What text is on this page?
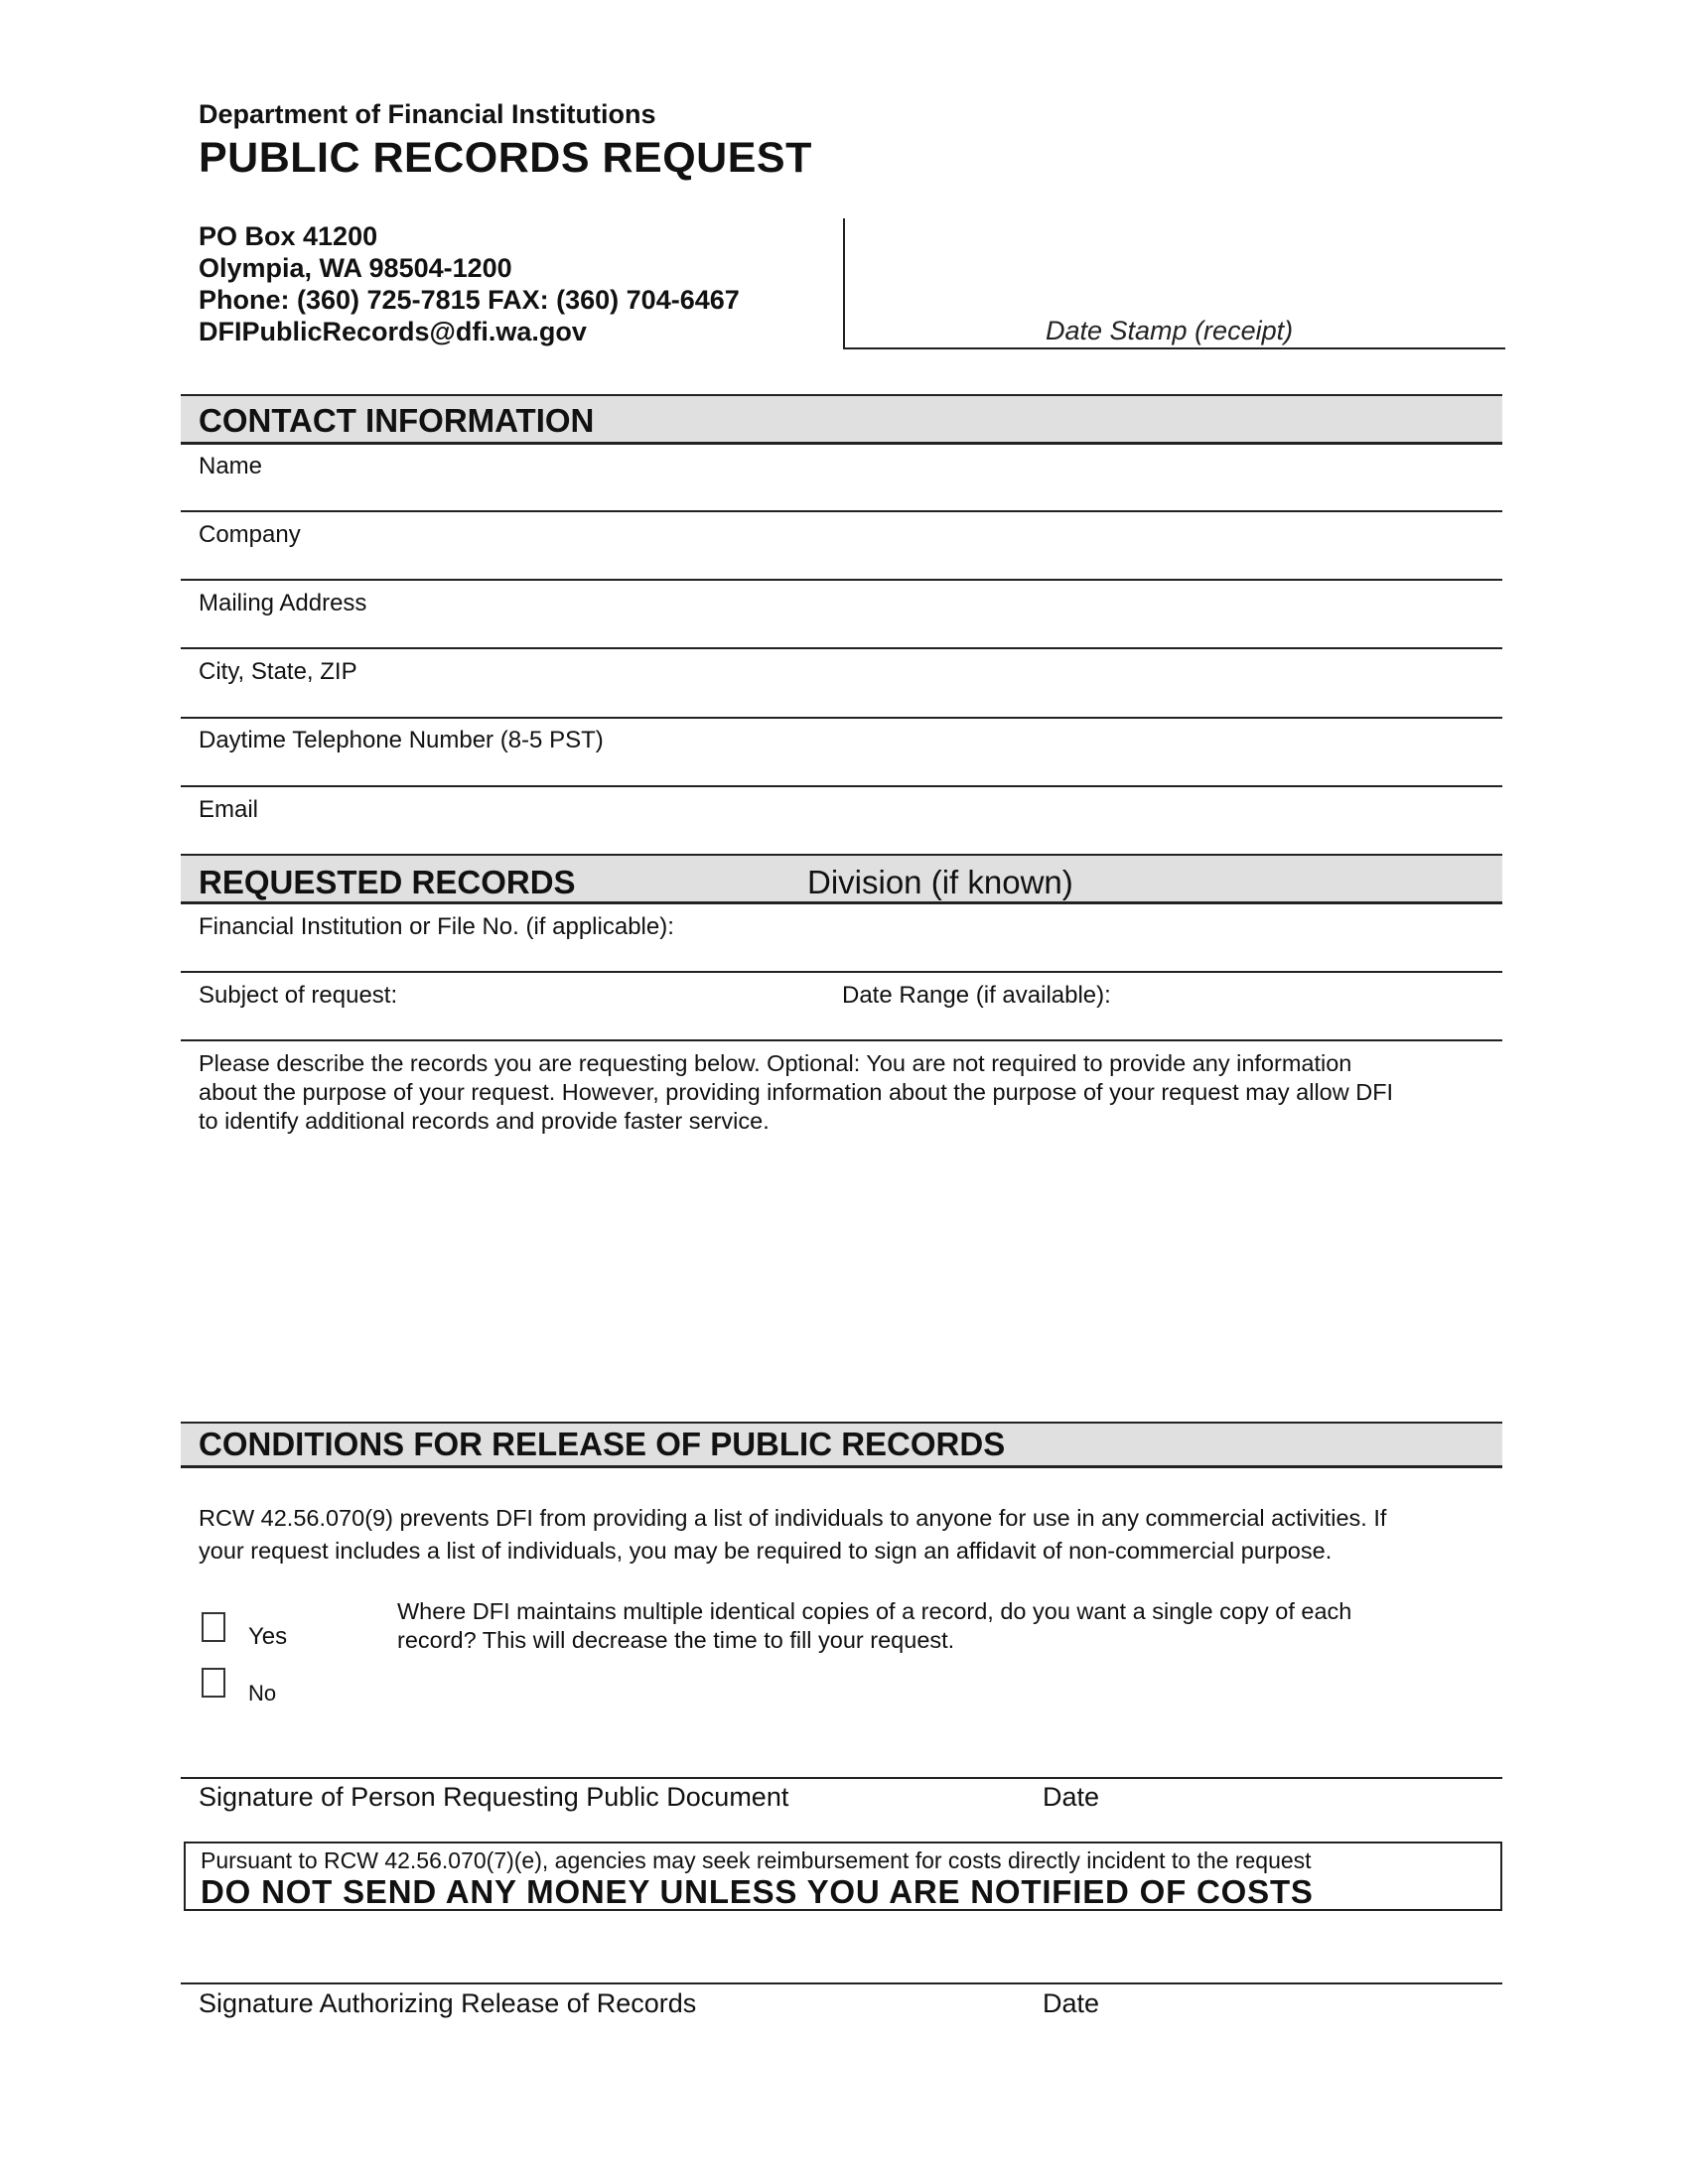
Department of Financial Institutions
PUBLIC RECORDS REQUEST
PO Box 41200
Olympia, WA 98504-1200
Phone: (360) 725-7815 FAX: (360) 704-6467
DFIPublicRecords@dfi.wa.gov	Date Stamp (receipt)
CONTACT INFORMATION
Name
Company
Mailing Address
City, State, ZIP
Daytime Telephone Number (8-5 PST)
Email
REQUESTED RECORDS	Division (if known)
Financial Institution or File No. (if applicable):
Subject of request:	Date Range (if available):
Please describe the records you are requesting below. Optional: You are not required to provide any information
about the purpose of your request. However, providing information about the purpose of your request may allow DFI
to identify additional records and provide faster service.
CONDITIONS FOR RELEASE OF PUBLIC RECORDS
RCW 42.56.070(9) prevents DFI from providing a list of individuals to anyone for use in any commercial activities. If
your request includes a list of individuals, you may be required to sign an affidavit of non-commercial purpose.
Yes
No
Where DFI maintains multiple identical copies of a record, do you want a single copy of each
record? This will decrease the time to fill your request.
Signature of Person Requesting Public Document	Date
Pursuant to RCW 42.56.070(7)(e), agencies may seek reimbursement for costs directly incident to the request
DO NOT SEND ANY MONEY UNLESS YOU ARE NOTIFIED OF COSTS
Signature Authorizing Release of Records	Date
